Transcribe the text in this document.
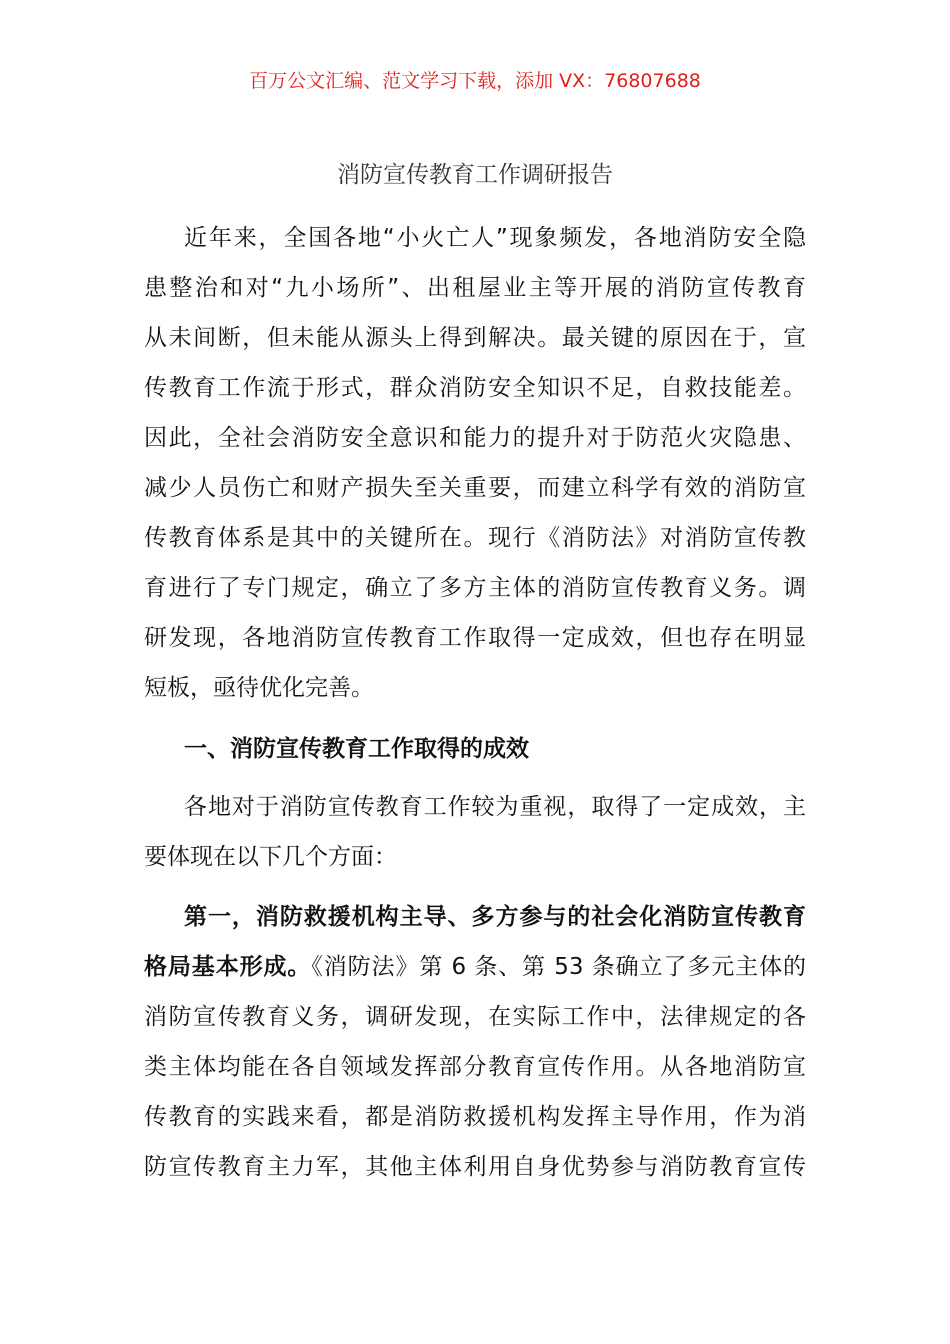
百万公文汇编、范文学习下载，添加 VX：76807688
消防宣传教育工作调研报告
近年来，全国各地“小火亡人”现象频发，各地消防安全隐
患整治和对“九小场所”、出租屋业主等开展的消防宣传教育
从未间断，但未能从源头上得到解决。最关键的原因在于，宣
传教育工作流于形式，群众消防安全知识不足，自救技能差。
因此，全社会消防安全意识和能力的提升对于防范火灾隐患、
减少人员伤亡和财产损失至关重要，而建立科学有效的消防宣
传教育体系是其中的关键所在。现行《消防法》对消防宣传教
育进行了专门规定，确立了多方主体的消防宣传教育义务。调
研发现，各地消防宣传教育工作取得一定成效，但也存在明显
短板，亟待优化完善。
一、消防宣传教育工作取得的成效
各地对于消防宣传教育工作较为重视，取得了一定成效，主
要体现在以下几个方面：
第一，消防救援机构主导、多方参与的社会化消防宣传教育
格局基本形成。《消防法》第 6 条、第 53 条确立了多元主体的
消防宣传教育义务，调研发现，在实际工作中，法律规定的各
类主体均能在各自领域发挥部分教育宣传作用。从各地消防宣
传教育的实践来看，都是消防救援机构发挥主导作用，作为消
防宣传教育主力军，其他主体利用自身优势参与消防教育宣传
